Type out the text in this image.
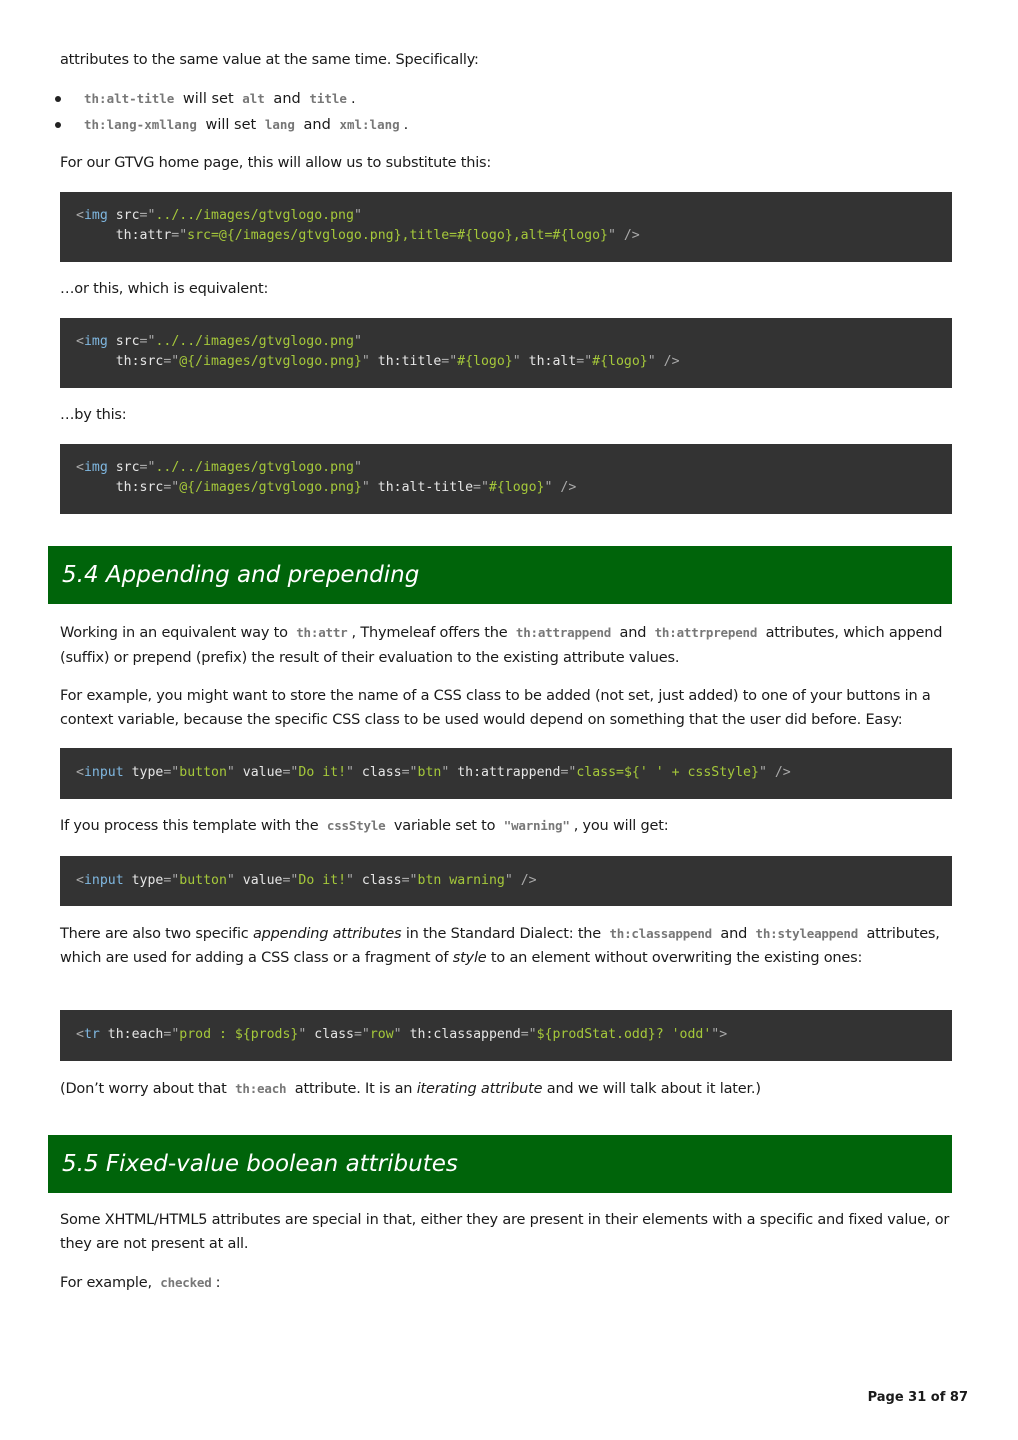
attributes to the same value at the same time. Specifically:

th:alt-title will set alt and title .
th:lang-xmllang will set lang and xml:lang .

For our GTVG home page, this will allow us to substitute this:

<img src="../../images/gtvglogo.png"
th:attr="src=@{/images/gtvglogo.png},title=#{logo},alt=#{logo}" />

…or this, which is equivalent:

<img src="../../images/gtvglogo.png"
th:src="@{/images/gtvglogo.png}" th:title="#{logo}" th:alt="#{logo}" />

…by this:

<img src="../../images/gtvglogo.png"
th:src="@{/images/gtvglogo.png}" th:alt-title="#{logo}" />
5.4 Appending and prepending

Working in an equivalent way to th:attr , Thymeleaf offers the th:attrappend and th:attrprepend attributes, which append (suffix) or prepend (prefix) the result of their evaluation to the existing attribute values.

For example, you might want to store the name of a CSS class to be added (not set, just added) to one of your buttons in a context variable, because the specific CSS class to be used would depend on something that the user did before. Easy:

<input type="button" value="Do it!" class="btn" th:attrappend="class=${' ' + cssStyle}" />

If you process this template with the cssStyle variable set to "warning" , you will get:

<input type="button" value="Do it!" class="btn warning" />

There are also two specific appending attributes in the Standard Dialect: the th:classappend and th:styleappend attributes, which are used for adding a CSS class or a fragment of style to an element without overwriting the existing ones:

<tr th:each="prod : ${prods}" class="row" th:classappend="${prodStat.odd}? 'odd'">

(Don’t worry about that th:each attribute. It is an iterating attribute and we will talk about it later.)

5.5 Fixed-value boolean attributes

Some XHTML/HTML5 attributes are special in that, either they are present in their elements with a specific and fixed value, or they are not present at all.

For example, checked :

Page 31 of 87
